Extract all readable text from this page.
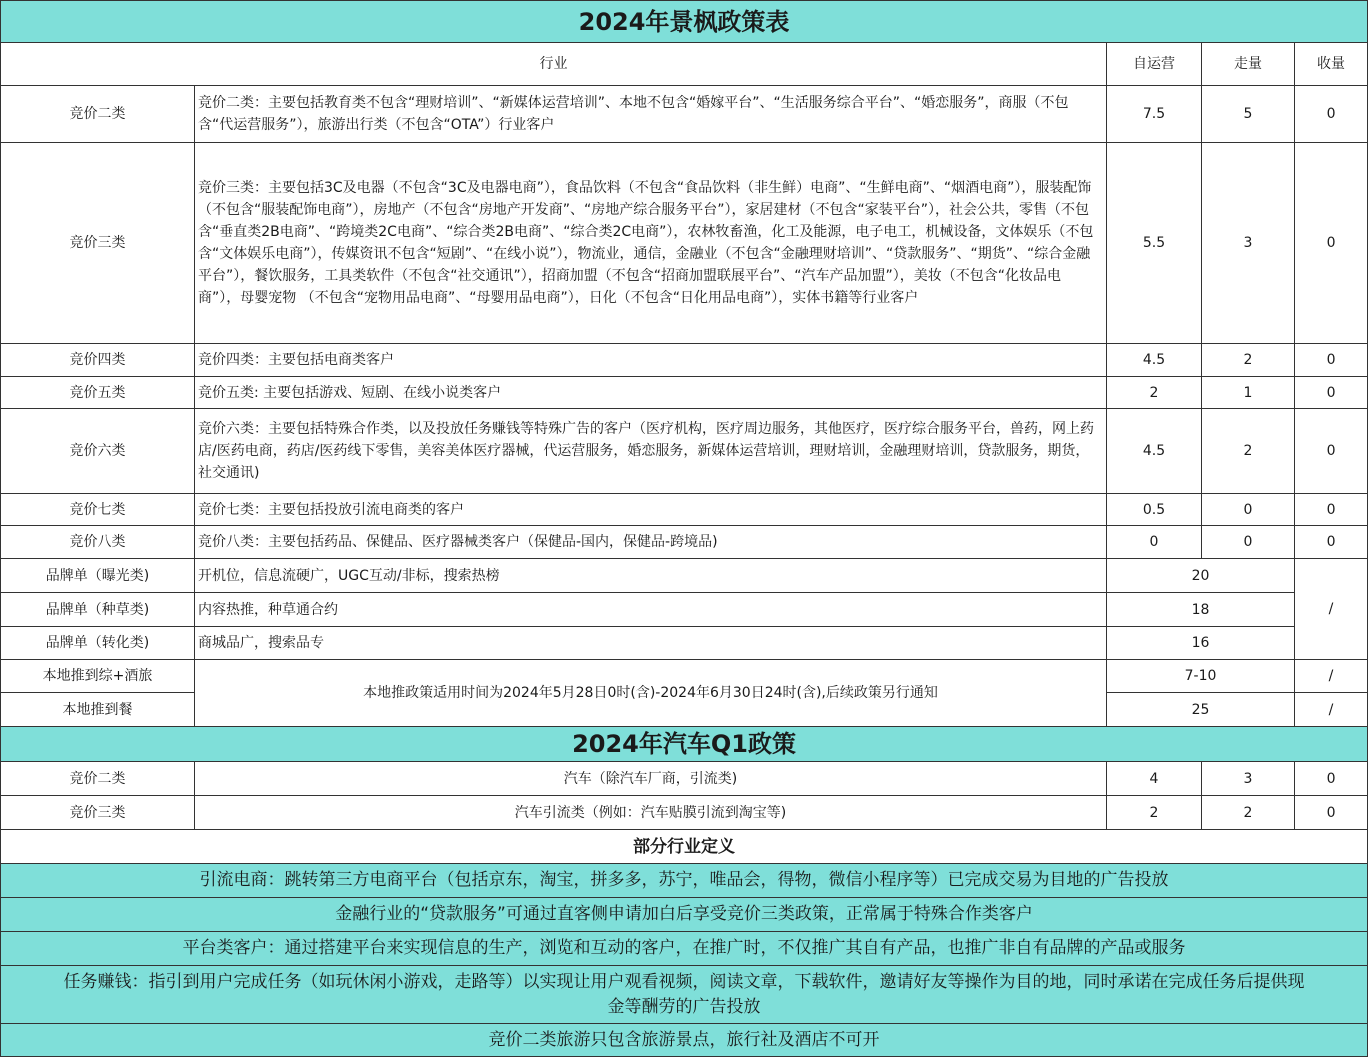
2024年景枫政策表				
行业		自运营	走量	收量
竞价二类	竞价二类：主要包括教育类不包含“理财培训”、“新媒体运营培训”、本地不包含“婚嫁平台”、“生活服务综合平台”、“婚恋服务”，商服（不包含“代运营服务”），旅游出行类（不包含“OTA”）行业客户	7.5	5	0
竞价三类	竞价三类：主要包括3C及电器（不包含“3C及电器电商”），食品饮料（不包含“食品饮料（非生鲜）电商”、“生鲜电商”、“烟酒电商”），服装配饰（不包含“服装配饰电商”），房地产（不包含“房地产开发商”、“房地产综合服务平台”），家居建材（不包含“家装平台”），社会公共，零售（不包含“垂直类2B电商”、“跨境类2C电商”、“综合类2B电商”、“综合类2C电商”），农林牧畜渔，化工及能源，电子电工，机械设备，文体娱乐（不包含“文体娱乐电商”），传媒资讯不包含“短剧”、“在线小说”），物流业，通信，金融业（不包含“金融理财培训”、“贷款服务”、“期货”、“综合金融平台”），餐饮服务，工具类软件（不包含“社交通讯”），招商加盟（不包含“招商加盟联展平台”、“汽车产品加盟”），美妆（不包含“化妆品电商”），母婴宠物 （不包含“宠物用品电商”、“母婴用品电商”），日化（不包含“日化用品电商”），实体书籍等行业客户	5.5	3	0
竞价四类	竞价四类：主要包括电商类客户	4.5	2	0
竞价五类	竞价五类: 主要包括游戏、短剧、在线小说类客户	2	1	0
竞价六类	竞价六类：主要包括特殊合作类，以及投放任务赚钱等特殊广告的客户（医疗机构，医疗周边服务，其他医疗，医疗综合服务平台，兽药，网上药店/医药电商，药店/医药线下零售，美容美体医疗器械，代运营服务，婚恋服务，新媒体运营培训，理财培训，金融理财培训，贷款服务，期货，社交通讯)	4.5	2	0
竞价七类	竞价七类：主要包括投放引流电商类的客户	0.5	0	0
竞价八类	竞价八类：主要包括药品、保健品、医疗器械类客户（保健品-国内，保健品-跨境品)	0	0	0
品牌单（曝光类)	开机位，信息流硬广，UGC互动/非标，搜索热榜	20		/
品牌单（种草类)	内容热推，种草通合约	18		
品牌单（转化类)	商城品广，搜索品专	16		
本地推到综+酒旅	本地推政策适用时间为2024年5月28日0时(含)-2024年6月30日24时(含),后续政策另行通知	7-10		/
本地推到餐		25		/
2024年汽车Q1政策				
竞价二类	汽车（除汽车厂商，引流类)	4	3	0
竞价三类	汽车引流类（例如：汽车贴膜引流到淘宝等)	2	2	0
部分行业定义				
引流电商：跳转第三方电商平台（包括京东，淘宝，拼多多，苏宁，唯品会，得物，微信小程序等）已完成交易为目地的广告投放				
金融行业的“贷款服务”可通过直客侧申请加白后享受竞价三类政策，正常属于特殊合作类客户				
平台类客户：通过搭建平台来实现信息的生产，浏览和互动的客户，在推广时，不仅推广其自有产品，也推广非自有品牌的产品或服务				
任务赚钱：指引到用户完成任务（如玩休闲小游戏，走路等）以实现让用户观看视频，阅读文章，下载软件，邀请好友等操作为目的地，同时承诺在完成任务后提供现金等酬劳的广告投放				
竞价二类旅游只包含旅游景点，旅行社及酒店不可开				
